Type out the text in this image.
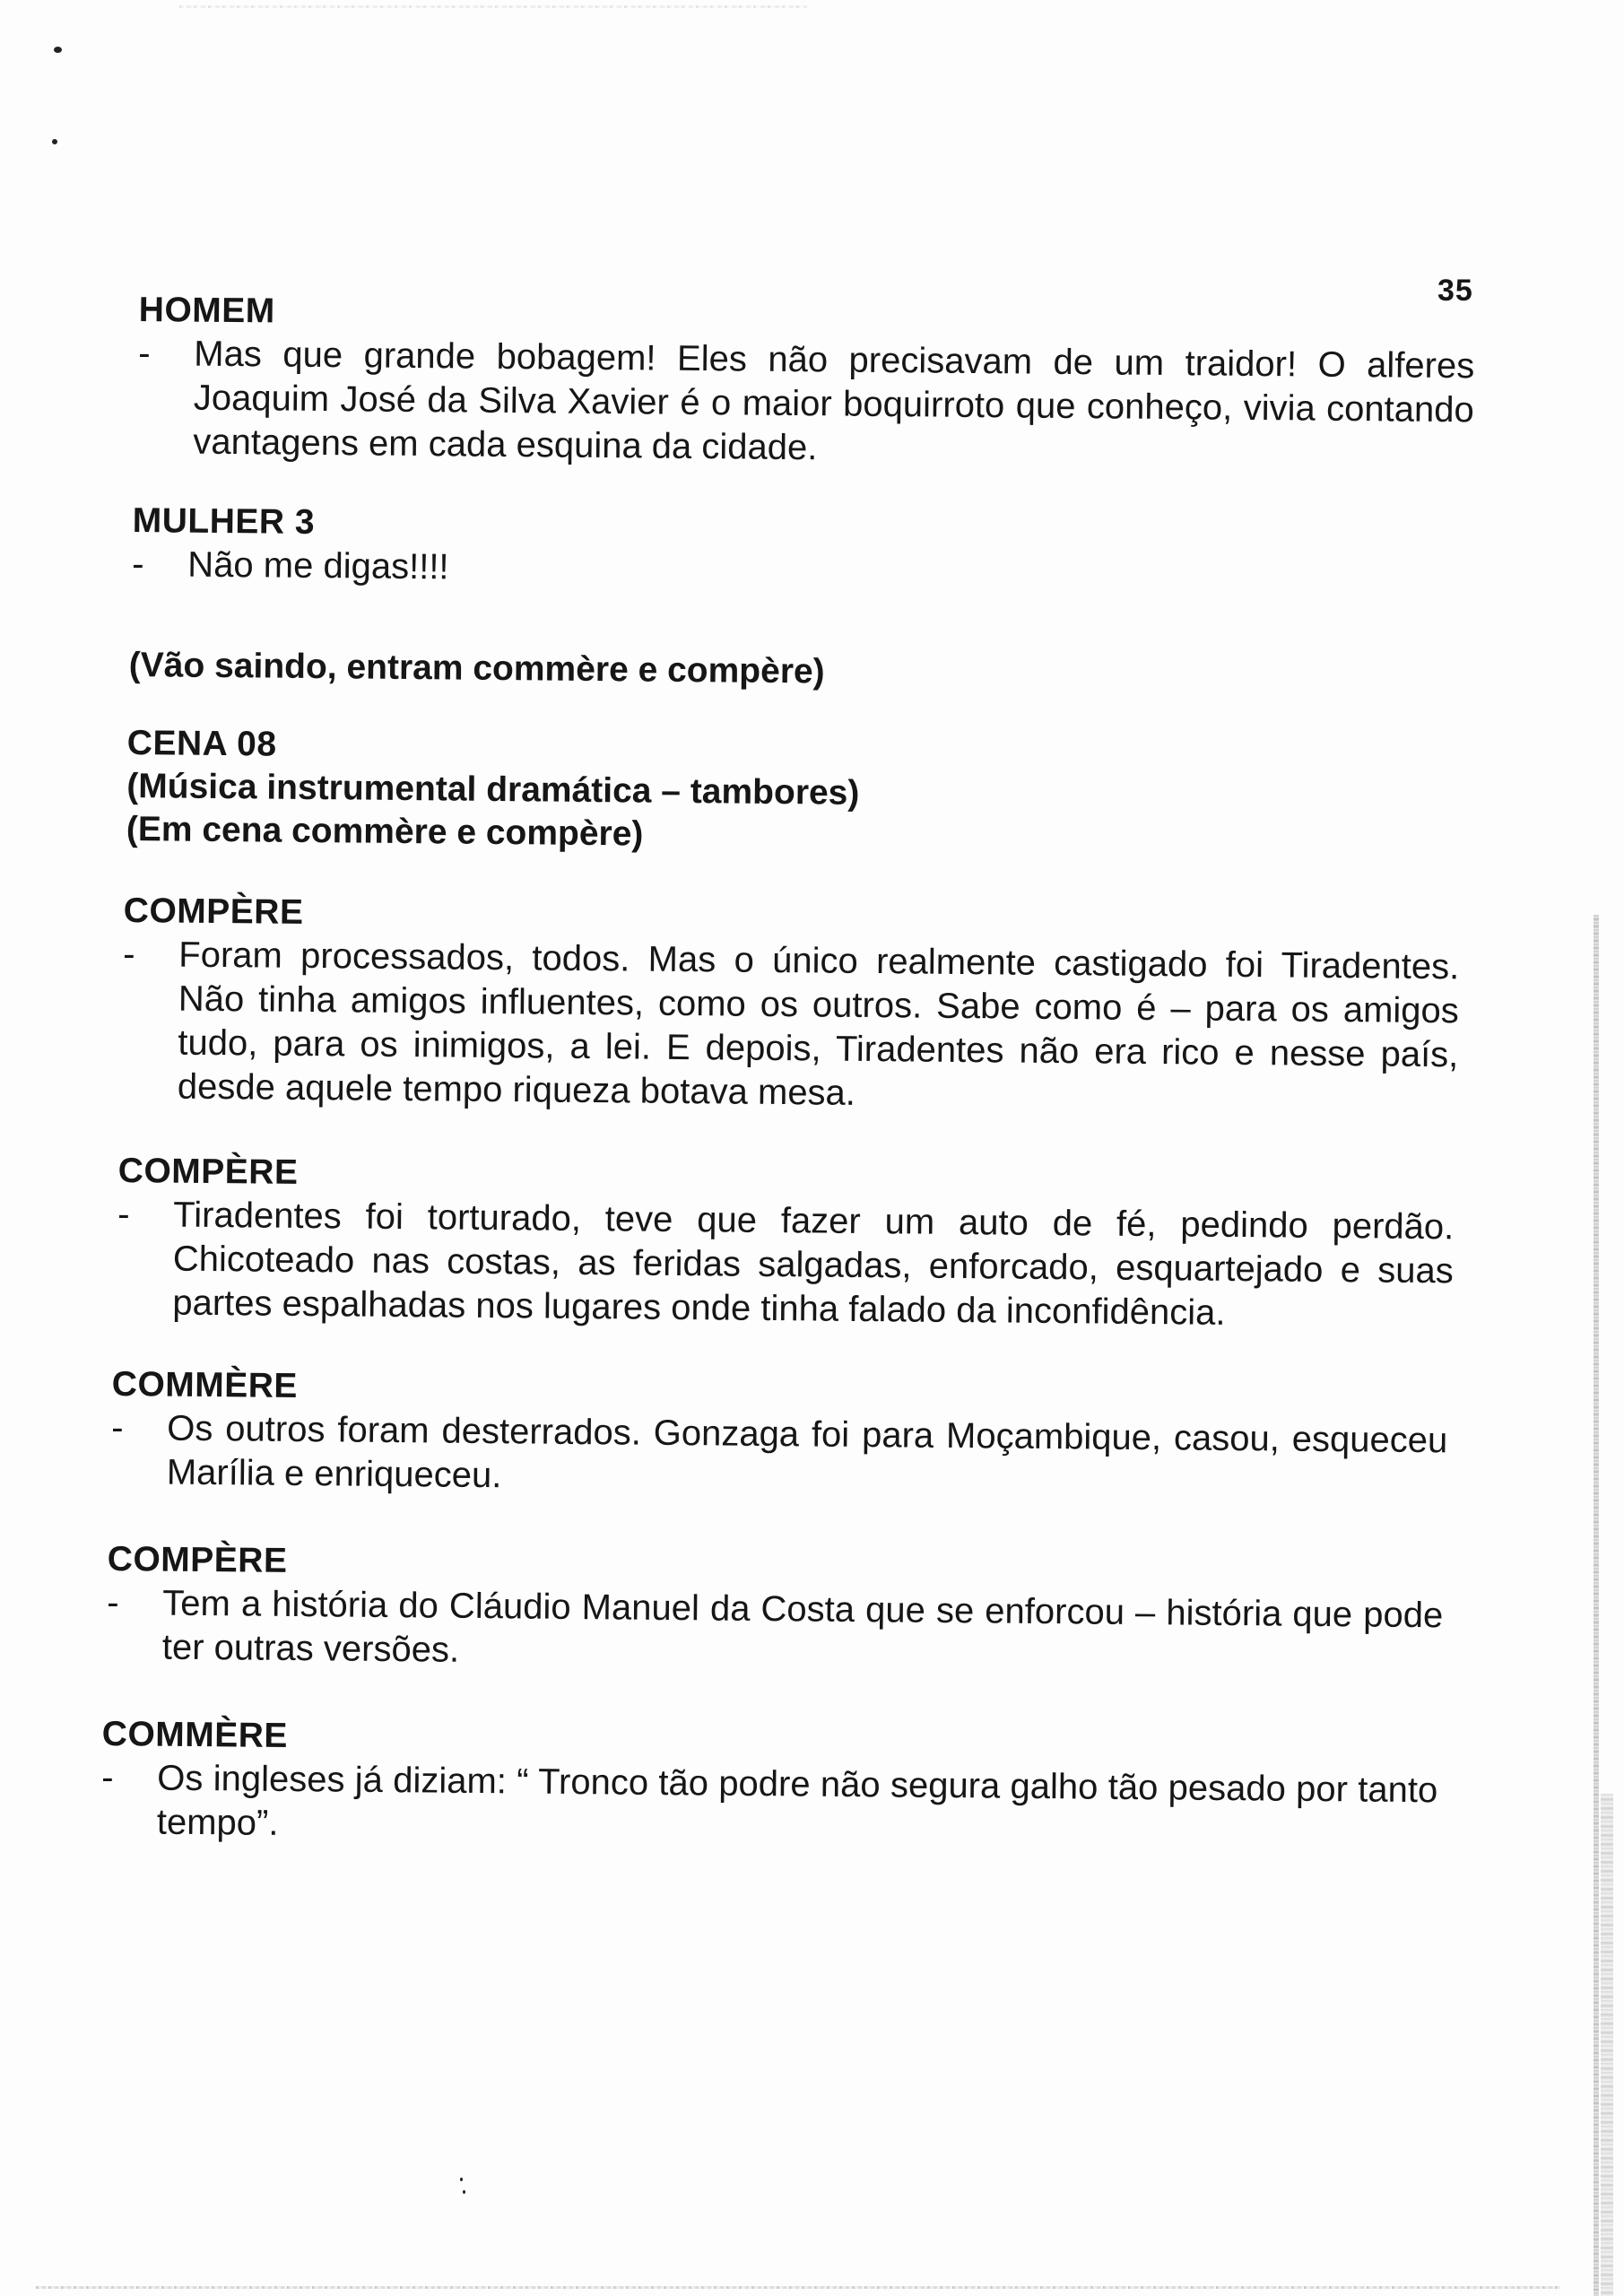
35
HOMEM
- Mas que grande bobagem! Eles não precisavam de um traidor! O alferes Joaquim José da Silva Xavier é o maior boquirroto que conheço, vivia contando vantagens em cada esquina da cidade.
MULHER 3
- Não me digas!!!!
(Vão saindo, entram commère e compère)
CENA 08
(Música instrumental dramática – tambores)
(Em cena commère e compère)
COMPÈRE
- Foram processados, todos. Mas o único realmente castigado foi Tiradentes. Não tinha amigos influentes, como os outros. Sabe como é – para os amigos tudo, para os inimigos, a lei. E depois, Tiradentes não era rico e nesse país, desde aquele tempo riqueza botava mesa.
COMPÈRE
- Tiradentes foi torturado, teve que fazer um auto de fé, pedindo perdão. Chicoteado nas costas, as feridas salgadas, enforcado, esquartejado e suas partes espalhadas nos lugares onde tinha falado da inconfidência.
COMMÈRE
- Os outros foram desterrados. Gonzaga foi para Moçambique, casou, esqueceu Marília e enriqueceu.
COMPÈRE
- Tem a história do Cláudio Manuel da Costa que se enforcou – história que pode ter outras versões.
COMMÈRE
- Os ingleses já diziam: “ Tronco tão podre não segura galho tão pesado por tanto tempo”.
